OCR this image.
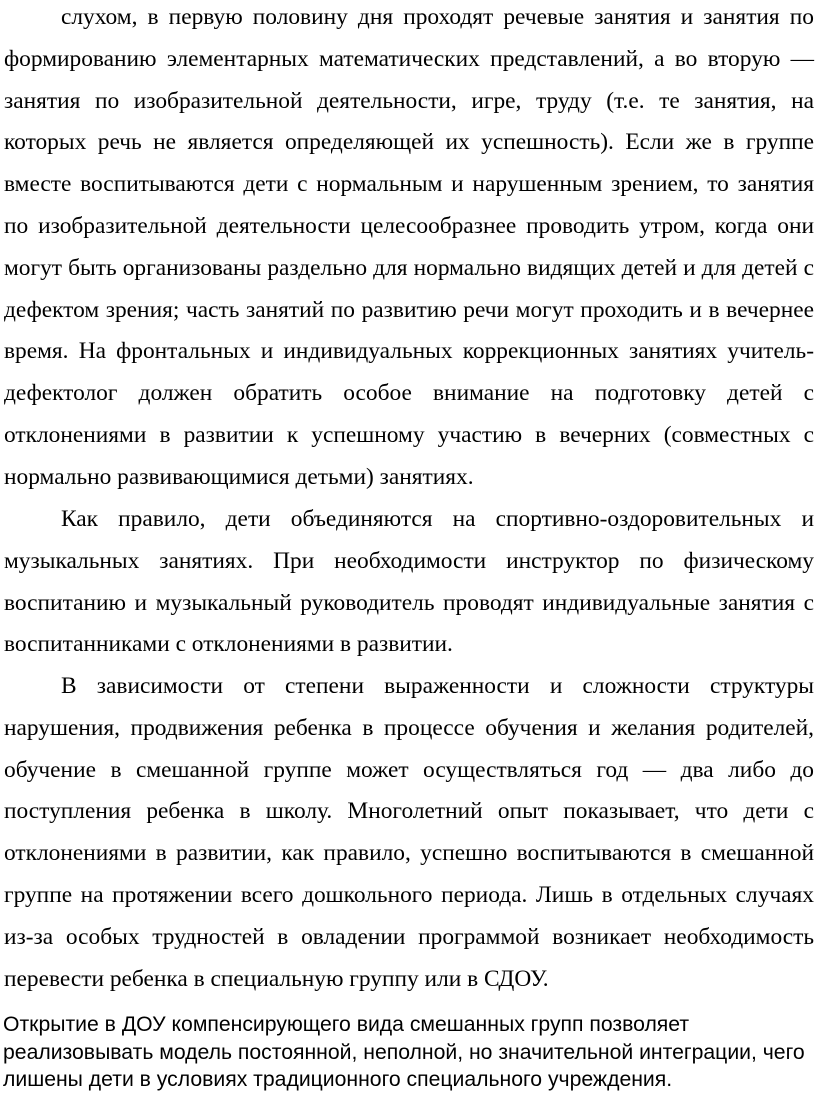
слухом, в первую половину дня проходят речевые занятия и занятия по формированию элементарных математических представлений, а во вторую — занятия по изобразительной деятельности, игре, труду (т.е. те занятия, на которых речь не является определяющей их успешность). Если же в группе вместе воспитываются дети с нормальным и нарушенным зрением, то занятия по изобразительной деятельности целесообразнее проводить утром, когда они могут быть организованы раздельно для нормально видящих детей и для детей с дефектом зрения; часть занятий по развитию речи могут проходить и в вечернее время. На фронтальных и индивидуальных коррекционных занятиях учитель-дефектолог должен обратить особое внимание на подготовку детей с отклонениями в развитии к успешному участию в вечерних (совместных с нормально развивающимися детьми) занятиях.

Как правило, дети объединяются на спортивно-оздоровительных и музыкальных занятиях. При необходимости инструктор по физическому воспитанию и музыкальный руководитель проводят индивидуальные занятия с воспитанниками с отклонениями в развитии.

В зависимости от степени выраженности и сложности структуры нарушения, продвижения ребенка в процессе обучения и желания родителей, обучение в смешанной группе может осуществляться год — два либо до поступления ребенка в школу. Многолетний опыт показывает, что дети с отклонениями в развитии, как правило, успешно воспитываются в смешанной группе на протяжении всего дошкольного периода. Лишь в отдельных случаях из-за особых трудностей в овладении программой возникает необходимость перевести ребенка в специальную группу или в СДОУ.

Открытие в ДОУ компенсирующего вида смешанных групп позволяет реализовывать модель постоянной, неполной, но значительной интеграции, чего лишены дети в условиях традиционного специального учреждения.
